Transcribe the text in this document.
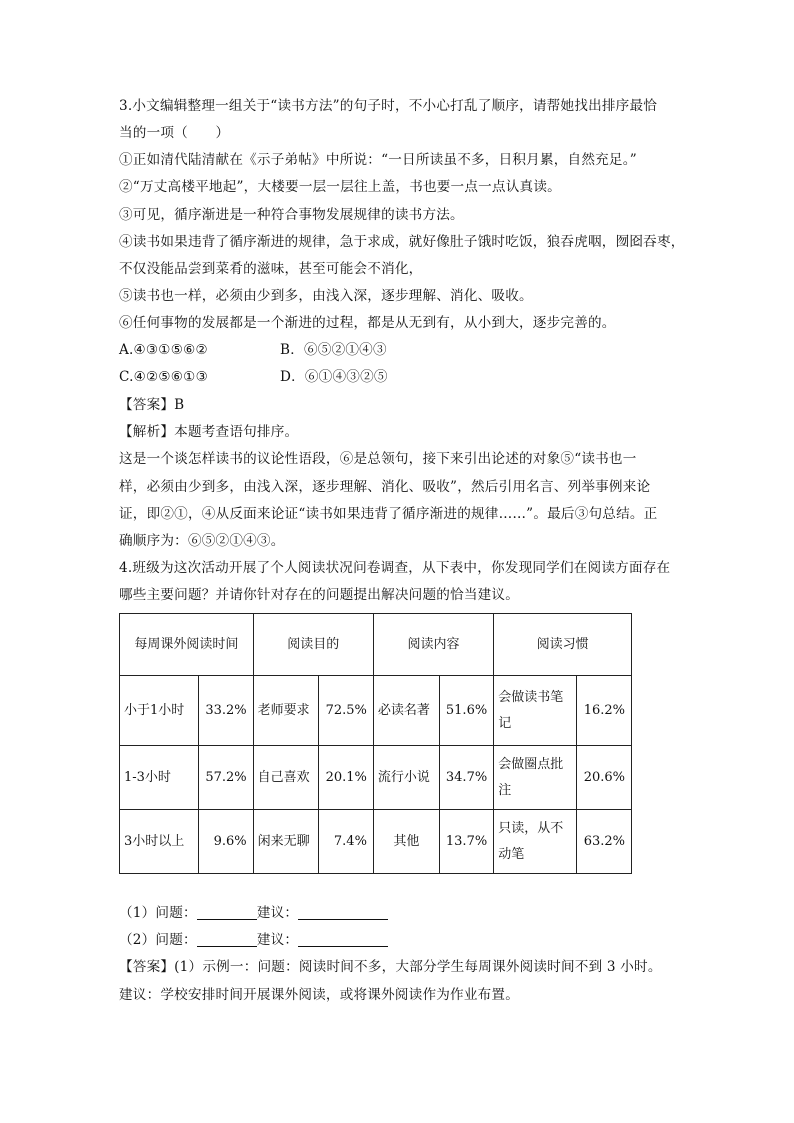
3.小文编辑整理一组关于“读书方法”的句子时，不小心打乱了顺序，请帮她找出排序最恰
当的一项（　　）
①正如清代陆清献在《示子弟帖》中所说：“一日所读虽不多，日积月累，自然充足。”
②“万丈高楼平地起”，大楼要一层一层往上盖，书也要一点一点认真读。
③可见，循序渐进是一种符合事物发展规律的读书方法。
④读书如果违背了循序渐进的规律，急于求成，就好像肚子饿时吃饭，狼吞虎咽，囫囵吞枣，
不仅没能品尝到菜肴的滋味，甚至可能会不消化，
⑤读书也一样，必须由少到多，由浅入深，逐步理解、消化、吸收。
⑥任何事物的发展都是一个渐进的过程，都是从无到有，从小到大，逐步完善的。
A.④③①⑤⑥②	B．⑥⑤②①④③
C.④②⑤⑥①③	D．⑥①④③②⑤
【答案】B
【解析】本题考查语句排序。
这是一个谈怎样读书的议论性语段，⑥是总领句，接下来引出论述的对象⑤“读书也一
样，必须由少到多，由浅入深，逐步理解、消化、吸收”，然后引用名言、列举事例来论
证，即②①，④从反面来论证“读书如果违背了循序渐进的规律……”。最后③句总结。正
确顺序为：⑥⑤②①④③。
4.班级为这次活动开展了个人阅读状况问卷调查，从下表中，你发现同学们在阅读方面存在
哪些主要问题？并请你针对存在的问题提出解决问题的恰当建议。
每周课外阅读时间		阅读目的		阅读内容		阅读习惯	
小于1小时	33.2%	老师要求	72.5%	必读名著	51.6%	会做读书笔记	16.2%
1-3小时	57.2%	自己喜欢	20.1%	流行小说	34.7%	会做圈点批注	20.6%
3小时以上	9.6%	闲来无聊	7.4%	其他	13.7%	只读，从不动笔	63.2%
（1）问题：	建议：
（2）问题：	建议：
【答案】(1）示例一：问题：阅读时间不多，大部分学生每周课外阅读时间不到 3 小时。
建议：学校安排时间开展课外阅读，或将课外阅读作为作业布置。
